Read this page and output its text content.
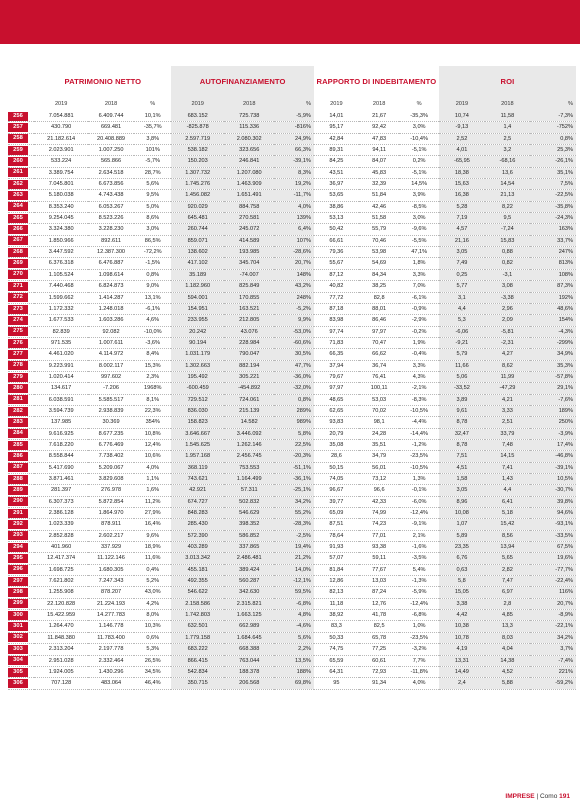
	PATRIMONIO NETTO			AUTOFINANZIAMENTO			RAPPORTO DI INDEBITAMENTO			ROI		
	2019	2018	%	2019	2018	%	2019	2018	%	2019	2018	%

256	7.054.881	6.409.744	10,1%	683.152	725.738	-5,9%	14,01	21,67	-35,3%	10,74	11,58	-7,3%

257	430.790	669.481	-35,7%	-825.878	115.336	-816%	95,17	92,42	3,0%	-9,13	1,4	-752%

258	21.182.614	20.408.889	3,8%	2.597.719	2.080.302	24,9%	42,84	47,83	-10,4%	2,52	2,5	0,8%

259	2.023.901	1.007.250	101%	538.182	323.656	66,3%	89,31	94,11	-5,1%	4,01	3,2	25,3%

260	533.224	565.866	-5,7%	150.203	246.841	-39,1%	84,25	84,07	0,2%	-65,95	-68,16	-26,1%

261	3.389.754	2.634.518	28,7%	1.307.732	1.207.080	8,3%	43,51	45,83	-5,1%	18,38	13,6	35,1%

262	7.045.801	6.673.856	5,6%	1.745.276	1.463.909	19,2%	36,97	32,39	14,5%	15,63	14,54	7,5%

263	5.180.038	4.743.438	9,5%	1.456.082	1.651.491	-11,7%	53,65	51,84	3,9%	16,38	21,13	-22,5%

264	8.353.240	6.053.267	5,0%	920.029	884.758	4,0%	38,86	42,46	-8,5%	5,28	8,22	-35,8%

265	9.254.045	8.523.226	8,6%	645.481	270.581	139%	53,13	51,58	3,0%	7,19	9,5	-24,3%

266	3.324.380	3.228.230	3,0%	260.744	245.072	6,4%	50,42	55,79	-9,6%	4,57	-7,24	163%

267	1.850.966	892.611	86,5%	859.071	414.589	107%	66,61	70,46	-5,5%	21,16	15,83	33,7%

268	3.447.592	12.387.300	-72,2%	138.602	193.985	-28,6%	79,36	53,98	47,1%	3,05	0,88	247%

269	6.376.318	6.476.887	-1,5%	417.102	345.704	20,7%	55,67	54,69	1,8%	7,49	0,82	813%

270	1.105.524	1.098.614	0,8%	35.189	-74.007	148%	87,12	84,34	3,3%	0,25	-3,1	108%

271	7.440.468	6.824.873	9,0%	1.182.960	825.849	43,2%	40,82	38,25	7,0%	5,77	3,08	87,3%

272	1.599.662	1.414.287	13,1%	594.001	170.855	248%	77,72	82,8	-6,1%	3,1	-3,38	192%

273	1.172.332	1.248.018	-6,1%	154.951	163.521	-5,2%	87,18	88,01	-0,9%	4,4	2,96	48,6%

274	1.677.533	1.603.286	4,6%	233.955	212.805	9,9%	83,98	86,46	-2,9%	5,3	2,09	154%

275	82.839	92.082	-10,0%	20.242	43.076	-53,0%	97,74	97,97	-0,2%	-6,06	-5,81	-4,3%

276	971.535	1.007.611	-3,6%	90.194	228.984	-60,6%	71,83	70,47	1,9%	-9,21	-2,31	-299%

277	4.461.020	4.114.972	8,4%	1.031.179	790.047	30,5%	66,35	66,62	-0,4%	5,79	4,27	34,9%

278	9.223.991	8.002.117	15,3%	1.302.663	882.194	47,7%	37,94	36,74	3,3%	11,66	8,62	35,3%

279	1.020.414	997.602	2,3%	195.492	305.221	-36,0%	79,67	76,41	4,3%	5,06	11,99	-57,8%

280	134.617	-7.206	1968%	-600.459	-454.892	-32,0%	97,97	100,11	-2,1%	-33,52	-47,29	29,1%

281	6.038.591	5.585.517	8,1%	729.512	724.061	0,8%	48,65	53,03	-8,3%	3,89	4,21	-7,6%

282	3.594.739	2.938.839	22,3%	836.030	215.139	289%	62,65	70,02	-10,5%	9,61	3,33	189%

283	137.985	30.369	354%	158.823	14.582	989%	93,83	98,1	-4,4%	8,78	2,51	250%

284	9.616.925	8.677.235	10,8%	3.646.667	3.446.092	5,8%	20,79	24,28	-14,4%	32,47	33,79	-3,9%

285	7.618.220	6.776.469	12,4%	1.545.625	1.262.146	22,5%	35,08	35,51	-1,2%	8,78	7,48	17,4%

286	8.558.844	7.738.402	10,6%	1.957.168	2.456.745	-20,3%	28,6	34,79	-23,5%	7,51	14,15	-46,8%

287	5.417.690	5.209.067	4,0%	368.119	753.553	-51,1%	50,15	56,01	-10,5%	4,51	7,41	-39,1%

288	3.871.461	3.829.608	1,1%	743.621	1.164.499	-36,1%	74,05	73,12	1,3%	1,58	1,43	10,5%

289	281.397	276.978	1,6%	42.921	57.311	-25,1%	96,67	96,6	-0,1%	3,05	4,4	-30,7%

290	6.307.373	5.872.854	11,2%	674.727	502.832	34,2%	39,77	42,33	-6,0%	8,96	6,41	39,8%

291	2.386.128	1.864.970	27,9%	848.283	546.629	55,2%	65,09	74,99	-12,4%	10,08	5,18	94,6%

292	1.023.339	878.911	16,4%	285.430	398.352	-28,3%	87,51	74,23	-9,1%	1,07	15,42	-93,1%

293	2.852.828	2.602.217	9,6%	572.390	586.852	-2,5%	78,64	77,01	2,1%	5,89	8,56	-33,5%

294	401.960	337.929	18,9%	403.289	337.865	19,4%	91,93	93,38	-1,6%	23,35	13,94	67,5%

295	12.417.374	11.122.146	11,6%	3.013.342	2.486.481	21,2%	57,07	59,11	-3,5%	6,76	5,65	19,6%

296	1.698.725	1.680.305	0,4%	455.181	389.424	14,0%	81,84	77,67	5,4%	0,63	2,82	-77,7%

297	7.621.802	7.247.343	5,2%	492.355	560.287	-12,1%	12,86	13,03	-1,3%	5,8	7,47	-22,4%

298	1.255.908	878.207	43,0%	546.622	342.630	59,5%	82,13	87,24	-5,9%	15,05	6,97	116%

299	22.120.828	21.224.193	4,2%	2.158.586	2.315.821	-6,8%	11,18	12,76	-12,4%	3,38	2,8	20,7%

300	15.422.959	14.277.783	8,0%	1.742.803	1.663.125	4,8%	38,92	41,78	-6,8%	4,42	4,85	-8,9%

301	1.264.470	1.146.778	10,3%	632.501	662.989	-4,6%	83,3	82,5	1,0%	10,38	13,3	-22,1%

302	11.848.380	11.783.400	0,6%	1.779.158	1.684.645	5,6%	50,33	65,78	-23,5%	10,78	8,03	34,2%

303	2.313.204	2.197.778	5,3%	683.222	668.388	2,2%	74,75	77,25	-3,2%	4,19	4,04	3,7%

304	2.951.028	2.332.464	26,5%	866.415	763.044	13,5%	65,59	60,61	7,7%	13,31	14,38	-7,4%

305	1.924.005	1.430.296	34,5%	542.834	188.378	188%	64,31	72,93	-11,8%	14,49	4,52	221%

306	707.128	483.064	46,4%	350.715	206.568	69,8%	95	91,34	4,0%	2,4	5,88	-59,2%
IMPRESE | Como 191
